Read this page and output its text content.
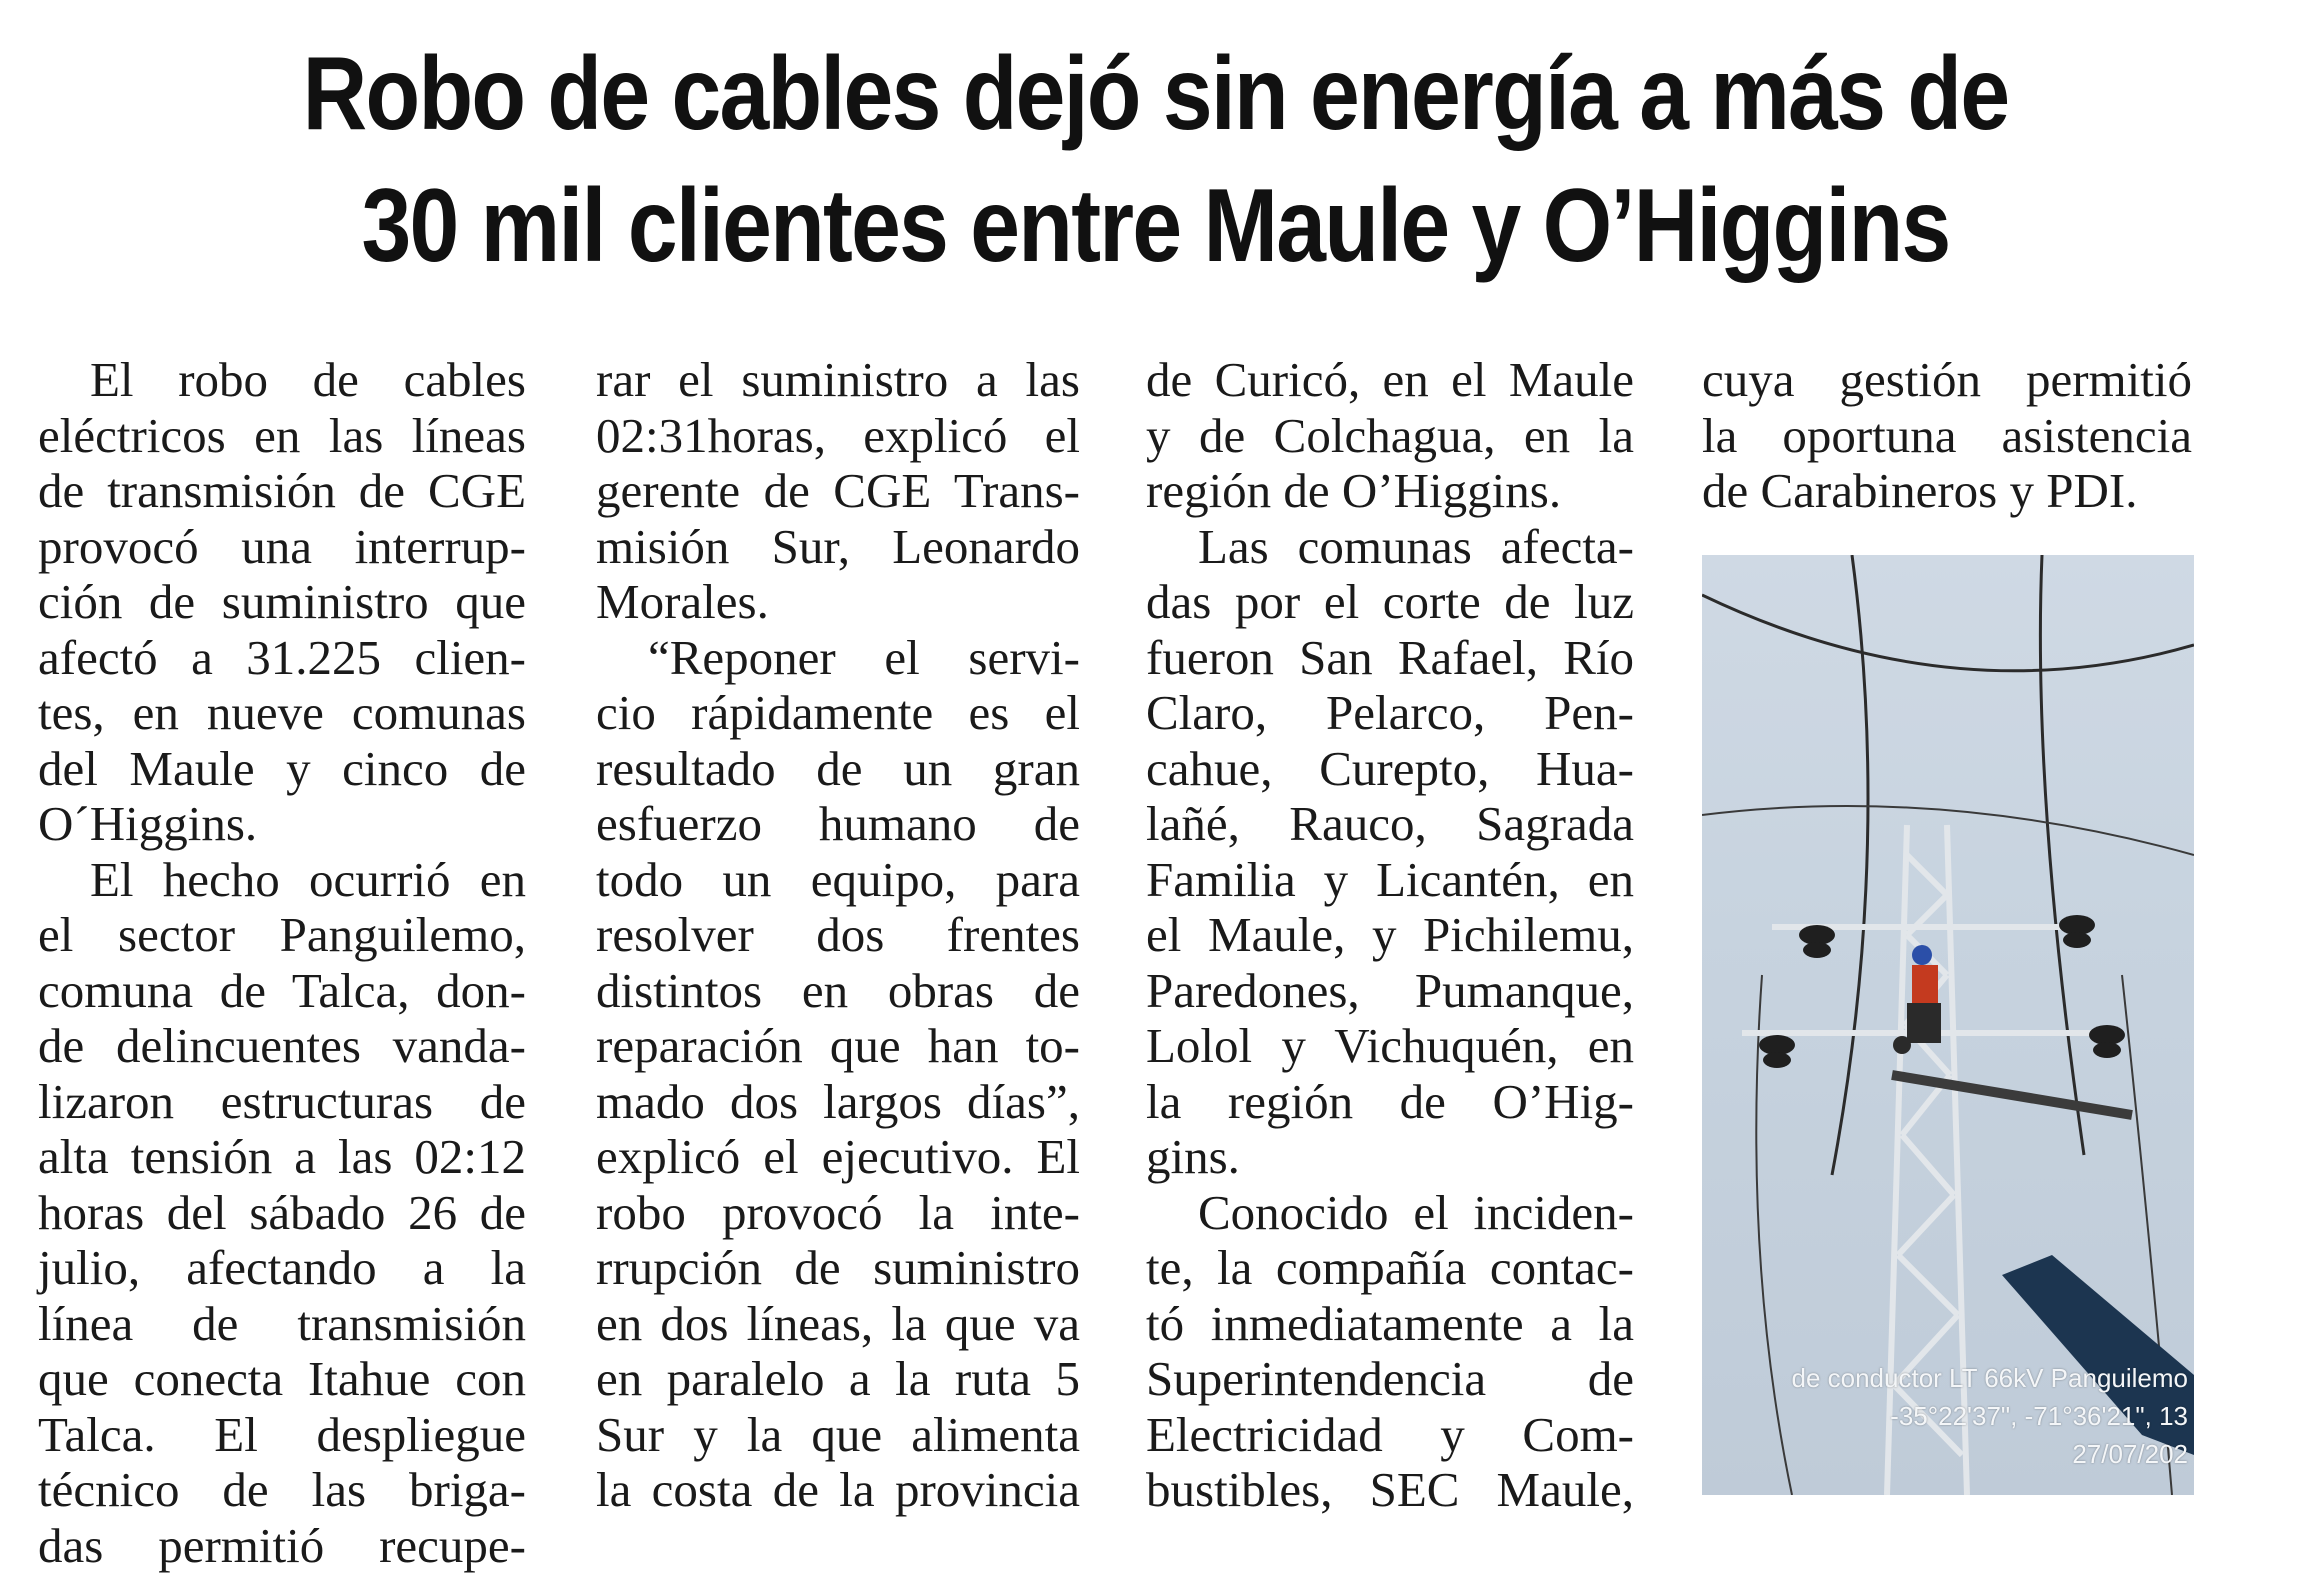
Robo de cables dejó sin energía a más de
30 mil clientes entre Maule y O’Higgins

El robo de cables
eléctricos en las líneas
de transmisión de CGE
provocó una interrup-
ción de suministro que
afectó a 31.225 clien-
tes, en nueve comunas
del Maule y cinco de
O´Higgins.

El hecho ocurrió en
el sector Panguilemo,
comuna de Talca, don-
de delincuentes vanda-
lizaron estructuras de
alta tensión a las 02:12
horas del sábado 26 de
julio, afectando a la
línea de transmisión
que conecta Itahue con
Talca. El despliegue
técnico de las briga-
das permitió recupe-

rar el suministro a las
02:31horas, explicó el
gerente de CGE Trans-
misión Sur, Leonardo
Morales.

“Reponer el servi-
cio rápidamente es el
resultado de un gran
esfuerzo humano de
todo un equipo, para
resolver dos frentes
distintos en obras de
reparación que han to-
mado dos largos días”,
explicó el ejecutivo. El
robo provocó la inte-
rrupción de suministro
en dos líneas, la que va
en paralelo a la ruta 5
Sur y la que alimenta
la costa de la provincia

de Curicó, en el Maule
y de Colchagua, en la
región de O’Higgins.

Las comunas afecta-
das por el corte de luz
fueron San Rafael, Río
Claro, Pelarco, Pen-
cahue, Curepto, Hua-
lañé, Rauco, Sagrada
Familia y Licantén, en
el Maule, y Pichilemu,
Paredones, Pumanque,
Lolol y Vichuquén, en
la región de O’Hig-
gins.

Conocido el inciden-
te, la compañía contac-
tó inmediatamente a la
Superintendencia de
Electricidad y Com-
bustibles, SEC Maule,

cuya gestión permitió
la oportuna asistencia
de Carabineros y PDI.

de conductor LT 66kV Panguilemo
-35°22'37", -71°36'21", 13
27/07/202
